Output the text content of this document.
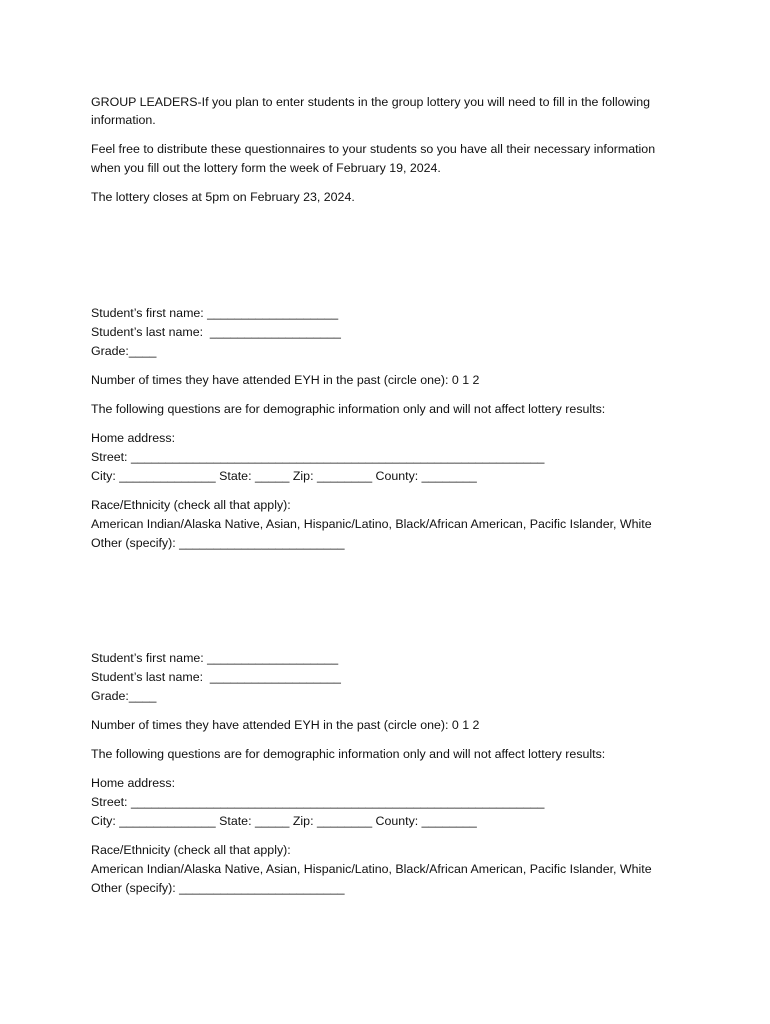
GROUP LEADERS-If you plan to enter students in the group lottery you will need to fill in the following
information.
Feel free to distribute these questionnaires to your students so you have all their necessary information
when you fill out the lottery form the week of February 19, 2024.
The lottery closes at 5pm on February 23, 2024.
Student’s first name: ___________________
Student’s last name:  ___________________
Grade:____
Number of times they have attended EYH in the past (circle one): 0 1 2
The following questions are for demographic information only and will not affect lottery results:
Home address:
Street: ____________________________________________________________
City: ______________ State: _____ Zip: ________ County: ________
Race/Ethnicity (check all that apply):
American Indian/Alaska Native, Asian, Hispanic/Latino, Black/African American, Pacific Islander, White
Other (specify): ________________________
Student’s first name: ___________________
Student’s last name:  ___________________
Grade:____
Number of times they have attended EYH in the past (circle one): 0 1 2
The following questions are for demographic information only and will not affect lottery results:
Home address:
Street: ____________________________________________________________
City: ______________ State: _____ Zip: ________ County: ________
Race/Ethnicity (check all that apply):
American Indian/Alaska Native, Asian, Hispanic/Latino, Black/African American, Pacific Islander, White
Other (specify): ________________________
